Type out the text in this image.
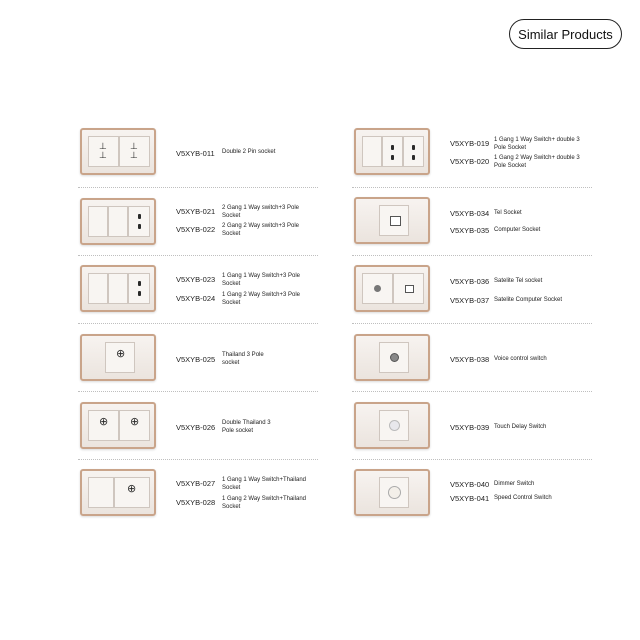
Similar Products
⊥
⊥
⊥
⊥	V5XYB-011 Double 2 Pin socket
V5XYB-021 2 Gang 1 Way switch+3 Pole Socket
V5XYB-022 2 Gang 2 Way switch+3 Pole Socket
V5XYB-023 1 Gang 1 Way Switch+3 Pole Socket
V5XYB-024 1 Gang 2 Way Switch+3 Pole Socket
⊕	V5XYB-025 Thailand 3 Pole socket
⊕ ⊕	V5XYB-026 Double Thailand 3 Pole socket
⊕	V5XYB-027 1 Gang 1 Way Switch+Thailand Socket
V5XYB-028 1 Gang 2 Way Switch+Thailand Socket
V5XYB-019 1 Gang 1 Way Switch+ double 3 Pole Socket
V5XYB-020 1 Gang 2 Way Switch+ double 3 Pole Socket
V5XYB-034 Tel Socket
V5XYB-035 Computer Socket
V5XYB-036 Satelite Tel socket
V5XYB-037 Satelite Computer Socket
V5XYB-038 Voice control switch
V5XYB-039 Touch Delay Switch
V5XYB-040 Dimmer Switch
V5XYB-041 Speed Control Switch
